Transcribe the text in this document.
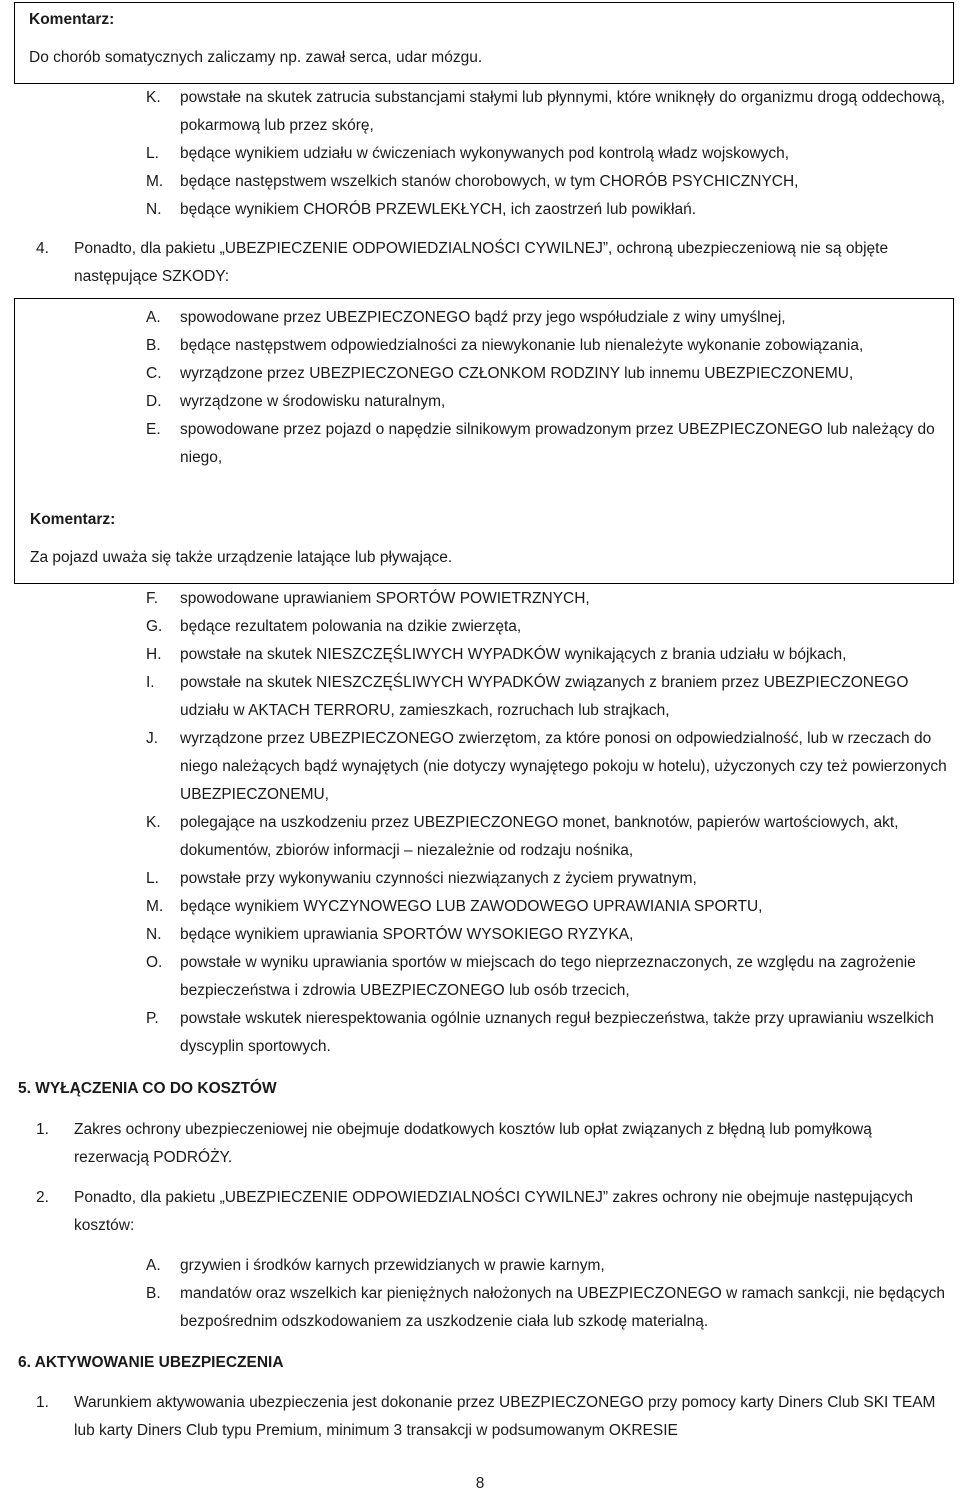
Komentarz:
Do chorób somatycznych zaliczamy np. zawał serca, udar mózgu.
K. powstałe na skutek zatrucia substancjami stałymi lub płynnymi, które wniknęły do organizmu drogą oddechową, pokarmową lub przez skórę,
L. będące wynikiem udziału w ćwiczeniach wykonywanych pod kontrolą władz wojskowych,
M. będące następstwem wszelkich stanów chorobowych, w tym CHORÓB PSYCHICZNYCH,
N. będące wynikiem CHORÓB PRZEWLEKŁYCH, ich zaostrzeń lub powikłań.
4.	Ponadto, dla pakietu „UBEZPIECZENIE ODPOWIEDZIALNOŚCI CYWILNEJ”, ochroną ubezpieczeniową nie są objęte następujące SZKODY:
A. spowodowane przez UBEZPIECZONEGO bądź przy jego współudziale z winy umyślnej,
B. będące następstwem odpowiedzialności za niewykonanie lub nienależyte wykonanie zobowiązania,
C. wyrządzone przez UBEZPIECZONEGO CZŁONKOM RODZINY lub innemu UBEZPIECZONEMU,
D. wyrządzone w środowisku naturalnym,
E. spowodowane przez pojazd o napędzie silnikowym prowadzonym przez UBEZPIECZONEGO lub należący do niego,
Komentarz:
Za pojazd uważa się także urządzenie latające lub pływające.
F. spowodowane uprawianiem SPORTÓW POWIETRZNYCH,
G. będące rezultatem polowania na dzikie zwierzęta,
H. powstałe na skutek NIESZCZĘŚLIWYCH WYPADKÓW wynikających z brania udziału w bójkach,
I. powstałe na skutek NIESZCZĘŚLIWYCH WYPADKÓW związanych z braniem przez UBEZPIECZONEGO udziału w AKTACH TERRORU, zamieszkach, rozruchach lub strajkach,
J. wyrządzone przez UBEZPIECZONEGO zwierzętom, za które ponosi on odpowiedzialność, lub w rzeczach do niego należących bądź wynajętych (nie dotyczy wynajętego pokoju w hotelu), użyczonych czy też powierzonych UBEZPIECZONEMU,
K. polegające na uszkodzeniu przez UBEZPIECZONEGO monet, banknotów, papierów wartościowych, akt, dokumentów, zbiorów informacji – niezależnie od rodzaju nośnika,
L. powstałe przy wykonywaniu czynności niezwiązanych z życiem prywatnym,
M. będące wynikiem WYCZYNOWEGO LUB ZAWODOWEGO UPRAWIANIA SPORTU,
N. będące wynikiem uprawiania SPORTÓW WYSOKIEGO RYZYKA,
O. powstałe w wyniku uprawiania sportów w miejscach do tego nieprzeznaczonych, ze względu na zagrożenie bezpieczeństwa i zdrowia UBEZPIECZONEGO lub osób trzecich,
P. powstałe wskutek nierespektowania ogólnie uznanych reguł bezpieczeństwa, także przy uprawianiu wszelkich dyscyplin sportowych.
5. WYŁĄCZENIA CO DO KOSZTÓW
1.	Zakres ochrony ubezpieczeniowej nie obejmuje dodatkowych kosztów lub opłat związanych z błędną lub pomyłkową rezerwacją PODRÓŻY.
2.	Ponadto, dla pakietu „UBEZPIECZENIE ODPOWIEDZIALNOŚCI CYWILNEJ” zakres ochrony nie obejmuje następujących kosztów:
A. grzywien i środków karnych przewidzianych w prawie karnym,
B. mandatów oraz wszelkich kar pieniężnych nałożonych na UBEZPIECZONEGO w ramach sankcji, nie będących bezpośrednim odszkodowaniem za uszkodzenie ciała lub szkodę materialną.
6. AKTYWOWANIE UBEZPIECZENIA
1.	Warunkiem aktywowania ubezpieczenia jest dokonanie przez UBEZPIECZONEGO przy pomocy karty Diners Club SKI TEAM lub karty Diners Club typu Premium, minimum 3 transakcji w podsumowanym OKRESIE
8
